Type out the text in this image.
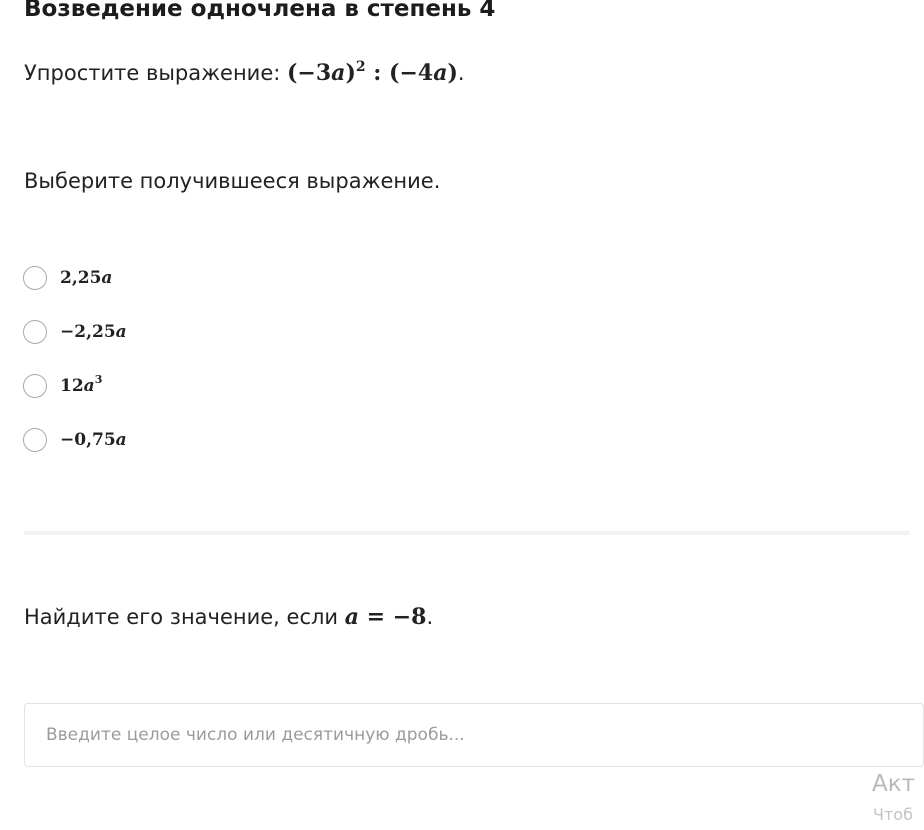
Возведение одночлена в степень 4
Упростите выражение: $(-3a)^2$ : (−4a).
Выберите получившееся выражение.
2,25a
−2,25a
$12a^3$
−0,75a
Найдите его значение, если a = −8.
Введите целое число или десятичную дробь...
Акт
Чтоб
